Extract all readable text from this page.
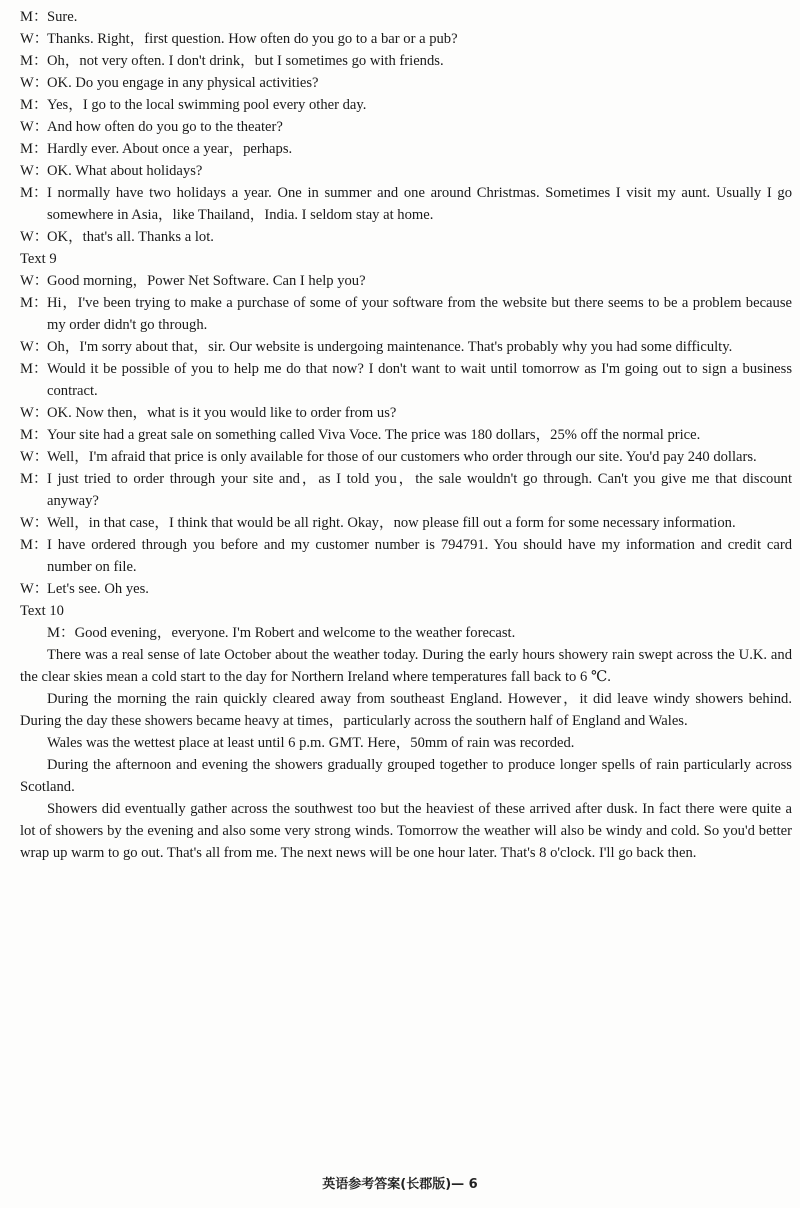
M：Sure.
W：Thanks. Right，first question. How often do you go to a bar or a pub?
M：Oh，not very often. I don't drink，but I sometimes go with friends.
W：OK. Do you engage in any physical activities?
M：Yes，I go to the local swimming pool every other day.
W：And how often do you go to the theater?
M：Hardly ever. About once a year，perhaps.
W：OK. What about holidays?
M：I normally have two holidays a year. One in summer and one around Christmas. Sometimes I visit my aunt. Usually I go somewhere in Asia，like Thailand，India. I seldom stay at home.
W：OK，that's all. Thanks a lot.
Text 9
W：Good morning，Power Net Software. Can I help you?
M：Hi，I've been trying to make a purchase of some of your software from the website but there seems to be a problem because my order didn't go through.
W：Oh，I'm sorry about that，sir. Our website is undergoing maintenance. That's probably why you had some difficulty.
M：Would it be possible of you to help me do that now? I don't want to wait until tomorrow as I'm going out to sign a business contract.
W：OK. Now then，what is it you would like to order from us?
M：Your site had a great sale on something called Viva Voce. The price was 180 dollars，25% off the normal price.
W：Well，I'm afraid that price is only available for those of our customers who order through our site. You'd pay 240 dollars.
M：I just tried to order through your site and，as I told you，the sale wouldn't go through. Can't you give me that discount anyway?
W：Well，in that case，I think that would be all right. Okay，now please fill out a form for some necessary information.
M：I have ordered through you before and my customer number is 794791. You should have my information and credit card number on file.
W：Let's see. Oh yes.
Text 10
M：Good evening，everyone. I'm Robert and welcome to the weather forecast.
There was a real sense of late October about the weather today. During the early hours showery rain swept across the U.K. and the clear skies mean a cold start to the day for Northern Ireland where temperatures fall back to 6 ℃.
During the morning the rain quickly cleared away from southeast England. However，it did leave windy showers behind. During the day these showers became heavy at times，particularly across the southern half of England and Wales.
Wales was the wettest place at least until 6 p.m. GMT. Here，50mm of rain was recorded.
During the afternoon and evening the showers gradually grouped together to produce longer spells of rain particularly across Scotland.
Showers did eventually gather across the southwest too but the heaviest of these arrived after dusk. In fact there were quite a lot of showers by the evening and also some very strong winds. Tomorrow the weather will also be windy and cold. So you'd better wrap up warm to go out. That's all from me. The next news will be one hour later. That's 8 o'clock. I'll go back then.
英语参考答案(长郡版)— 6
